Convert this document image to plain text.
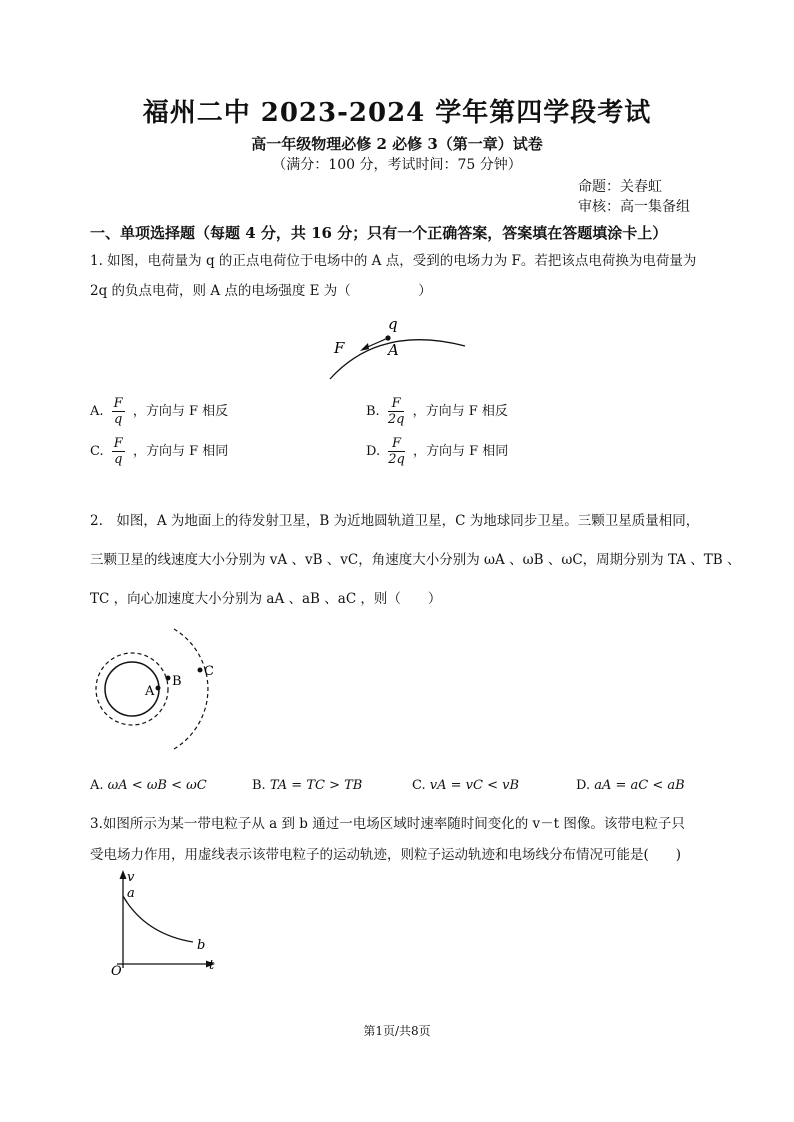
福州二中 2023-2024 学年第四学段考试
高一年级物理必修 2 必修 3（第一章）试卷
（满分：100 分，考试时间：75 分钟）
命题：关春虹
审核：高一集备组
一、单项选择题（每题 4 分，共 16 分；只有一个正确答案，答案填在答题填涂卡上）
1. 如图，电荷量为 q 的正点电荷位于电场中的 A 点，受到的电场力为 F。若把该点电荷换为电荷量为
2q 的负点电荷，则 A 点的电场强度 E 为（　　　　　）
q
A
F
A. $\frac{F}{q}$ ，方向与 F 相反	B. $\frac{F}{2q}$ ，方向与 F 相反
C. $\frac{F}{q}$ ，方向与 F 相同	D. $\frac{F}{2q}$ ，方向与 F 相同
2.　如图，A 为地面上的待发射卫星，B 为近地圆轨道卫星，C 为地球同步卫星。三颗卫星质量相同，
三颗卫星的线速度大小分别为 vA 、vB 、vC，角速度大小分别为 ωA 、ωB 、ωC，周期分别为 TA 、TB 、
TC ，向心加速度大小分别为 aA 、aB 、aC ，则（　　）
A
B
C
A. ωA < ωB < ωC	B. TA = TC > TB	C. vA = vC < vB	D. aA = aC < aB
3.如图所示为某一带电粒子从 a 到 b 通过一电场区域时速率随时间变化的 v－t 图像。该带电粒子只
受电场力作用，用虚线表示该带电粒子的运动轨迹，则粒子运动轨迹和电场线分布情况可能是(　　)
v
t
O
a
b
第1页/共8页
